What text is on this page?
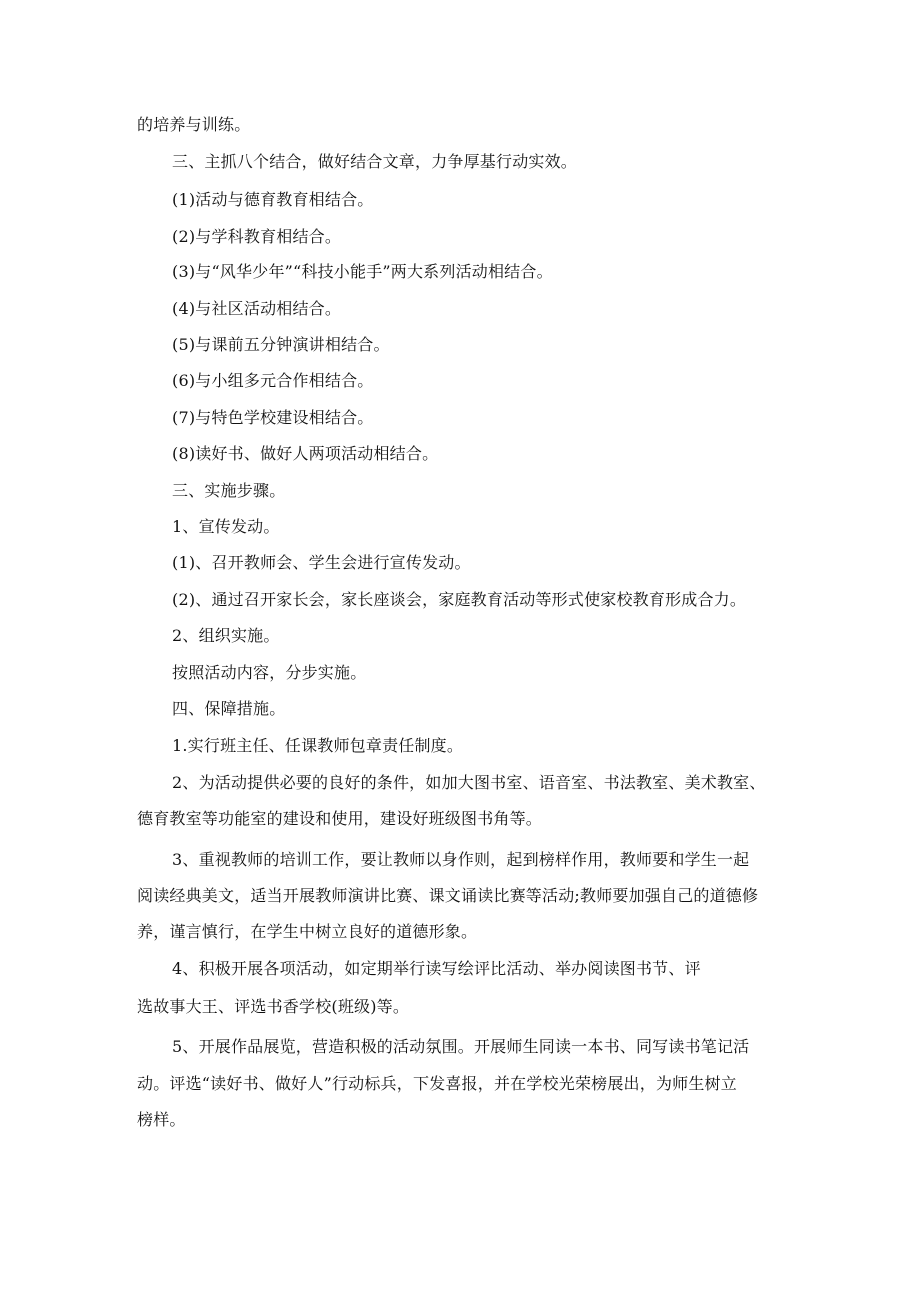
的培养与训练。
三、主抓八个结合，做好结合文章，力争厚基行动实效。
(1)活动与德育教育相结合。
(2)与学科教育相结合。
(3)与“风华少年”“科技小能手”两大系列活动相结合。
(4)与社区活动相结合。
(5)与课前五分钟演讲相结合。
(6)与小组多元合作相结合。
(7)与特色学校建设相结合。
(8)读好书、做好人两项活动相结合。
三、实施步骤。
1、宣传发动。
(1)、召开教师会、学生会进行宣传发动。
(2)、通过召开家长会，家长座谈会，家庭教育活动等形式使家校教育形成合力。
2、组织实施。
按照活动内容，分步实施。
四、保障措施。
1.实行班主任、任课教师包章责任制度。
2、为活动提供必要的良好的条件，如加大图书室、语音室、书法教室、美术教室、
德育教室等功能室的建设和使用，建设好班级图书角等。
3、重视教师的培训工作，要让教师以身作则，起到榜样作用，教师要和学生一起
阅读经典美文，适当开展教师演讲比赛、课文诵读比赛等活动;教师要加强自己的道德修
养，谨言慎行，在学生中树立良好的道德形象。
4、积极开展各项活动，如定期举行读写绘评比活动、举办阅读图书节、评
选故事大王、评选书香学校(班级)等。
5、开展作品展览，营造积极的活动氛围。开展师生同读一本书、同写读书笔记活
动。评选“读好书、做好人”行动标兵，下发喜报，并在学校光荣榜展出，为师生树立
榜样。
